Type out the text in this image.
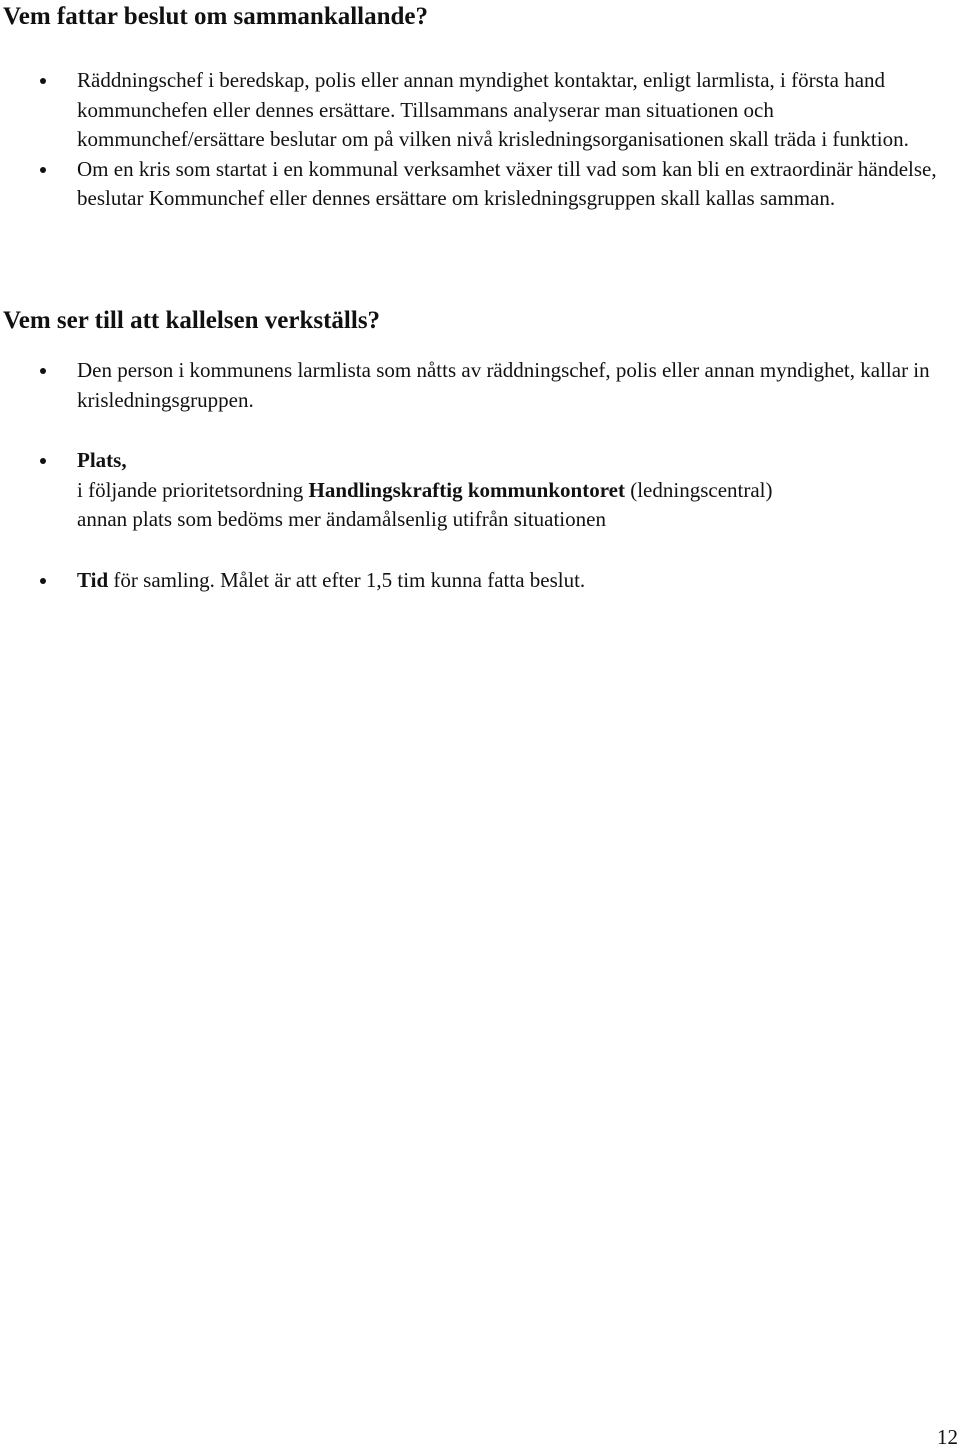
Vem fattar beslut om sammankallande?
Räddningschef i beredskap, polis eller annan myndighet kontaktar, enligt larmlista, i första hand kommunchefen eller dennes ersättare. Tillsammans analyserar man situationen och kommunchef/ersättare beslutar om på vilken nivå krisledningsorganisationen skall träda i funktion.
Om en kris som startat i en kommunal verksamhet växer till vad som kan bli en extraordinär händelse, beslutar Kommunchef eller dennes ersättare om krisledningsgruppen skall kallas samman.
Vem ser till att kallelsen verkställs?
Den person i kommunens larmlista som nåtts av räddningschef, polis eller annan myndighet, kallar in krisledningsgruppen.
Plats,
i följande prioritetsordning Handlingskraftig kommunkontoret (ledningscentral)
annan plats som bedöms mer ändamålsenlig utifrån situationen
Tid för samling. Målet är att efter 1,5 tim kunna fatta beslut.
12
